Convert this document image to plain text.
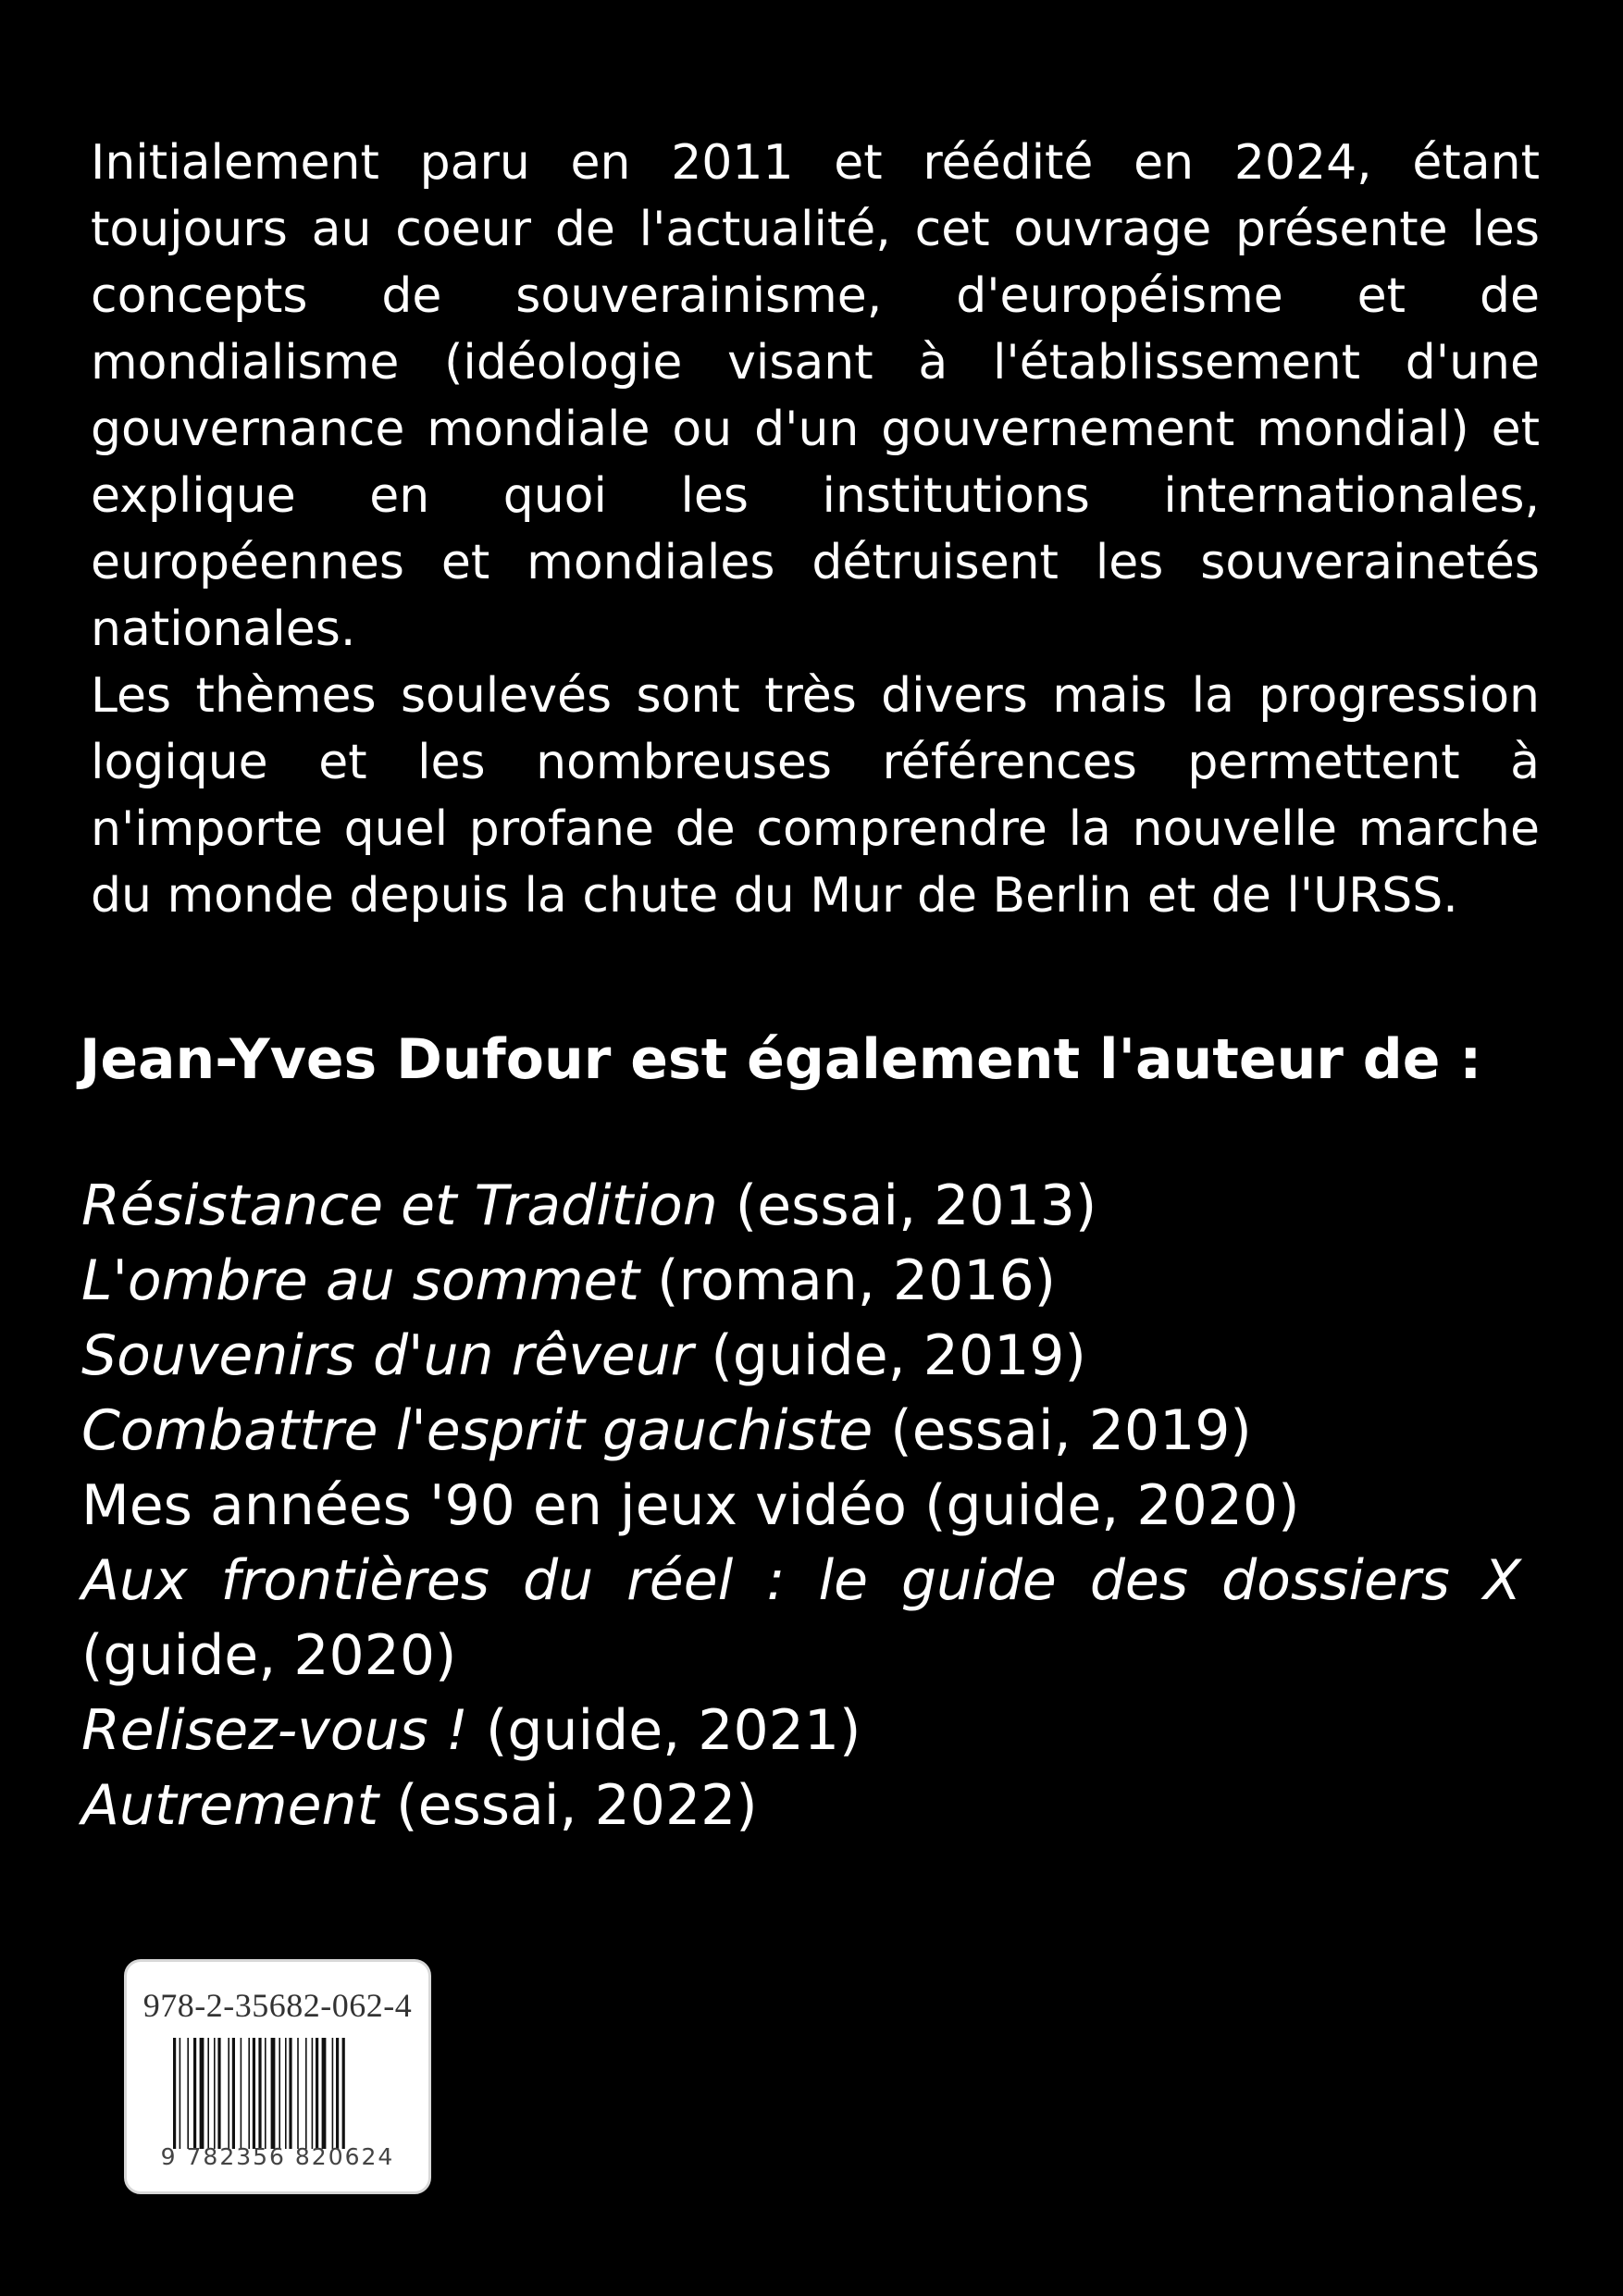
Initialement paru en 2011 et réédité en 2024, étant toujours au coeur de l'actualité, cet ouvrage présente les concepts de souverainisme, d'européisme et de mondialisme (idéologie visant à l'établissement d'une gouvernance mondiale ou d'un gouvernement mondial) et explique en quoi les institutions internationales, européennes et mondiales détruisent les souverainetés nationales.

Les thèmes soulevés sont très divers mais la progression logique et les nombreuses références permettent à n'importe quel profane de comprendre la nouvelle marche du monde depuis la chute du Mur de Berlin et de l'URSS.

Jean-Yves Dufour est également l'auteur de :
Résistance et Tradition (essai, 2013)
L'ombre au sommet (roman, 2016)
Souvenirs d'un rêveur (guide, 2019)
Combattre l'esprit gauchiste (essai, 2019)
Mes années '90 en jeux vidéo (guide, 2020)
Aux frontières du réel : le guide des dossiers X (guide, 2020)
Relisez-vous ! (guide, 2021)
Autrement (essai, 2022)
978-2-35682-062-4
9 782356 820624
